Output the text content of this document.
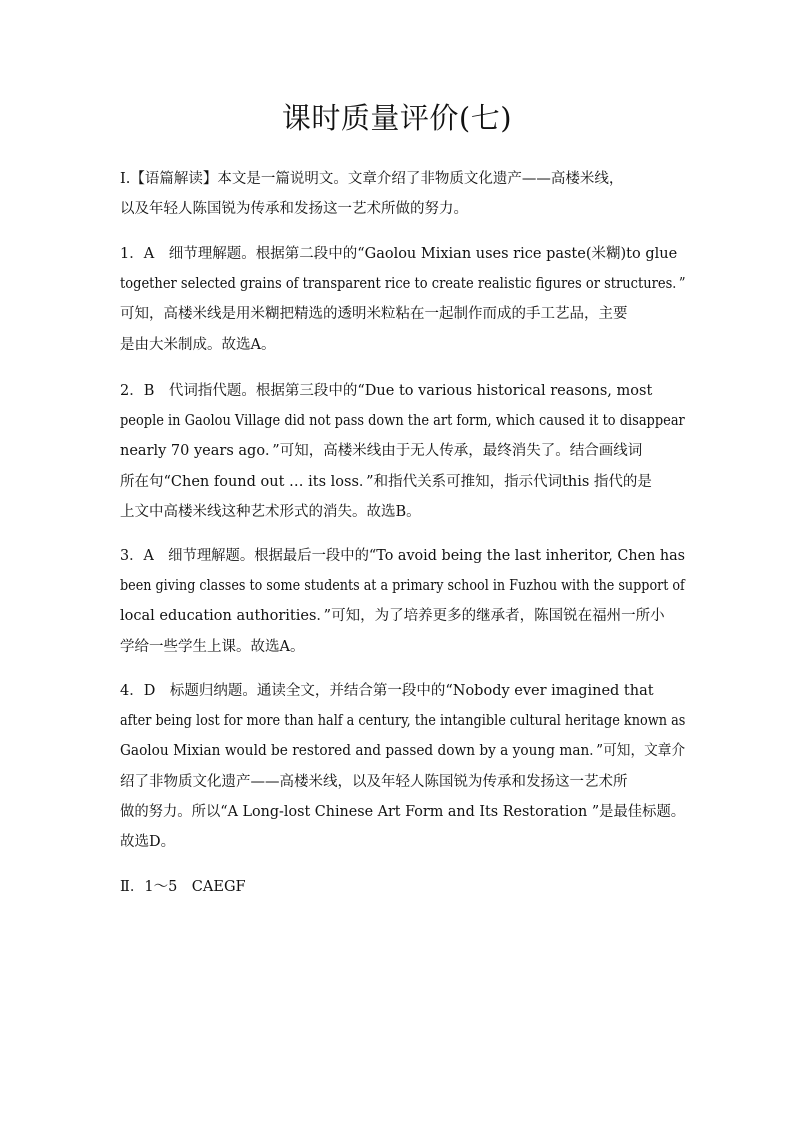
课时质量评价(七)

Ⅰ.【语篇解读】本文是一篇说明文。文章介绍了非物质文化遗产——高楼米线，
以及年轻人陈国锐为传承和发扬这一艺术所做的努力。

1．A　细节理解题。根据第二段中的“Gaolou Mixian uses rice paste(米糊)to glue
together selected grains of transparent rice to create realistic figures or structures．”
可知，高楼米线是用米糊把精选的透明米粒粘在一起制作而成的手工艺品，主要
是由大米制成。故选A。

2．B　代词指代题。根据第三段中的“Due to various historical reasons, most
people in Gaolou Village did not pass down the art form, which caused it to disappear
nearly 70 years ago．”可知，高楼米线由于无人传承，最终消失了。结合画线词
所在句“Chen found out … its loss．”和指代关系可推知，指示代词this 指代的是
上文中高楼米线这种艺术形式的消失。故选B。

3．A　细节理解题。根据最后一段中的“To avoid being the last inheritor, Chen has
been giving classes to some students at a primary school in Fuzhou with the support of
local education authorities．”可知，为了培养更多的继承者，陈国锐在福州一所小
学给一些学生上课。故选A。

4．D　标题归纳题。通读全文，并结合第一段中的“Nobody ever imagined that
after being lost for more than half a century, the intangible cultural heritage known as
Gaolou Mixian would be restored and passed down by a young man．”可知，文章介
绍了非物质文化遗产——高楼米线，以及年轻人陈国锐为传承和发扬这一艺术所
做的努力。所以“A Long-lost Chinese Art Form and Its Restoration ”是最佳标题。
故选D。

Ⅱ．1～5　CAEGF
